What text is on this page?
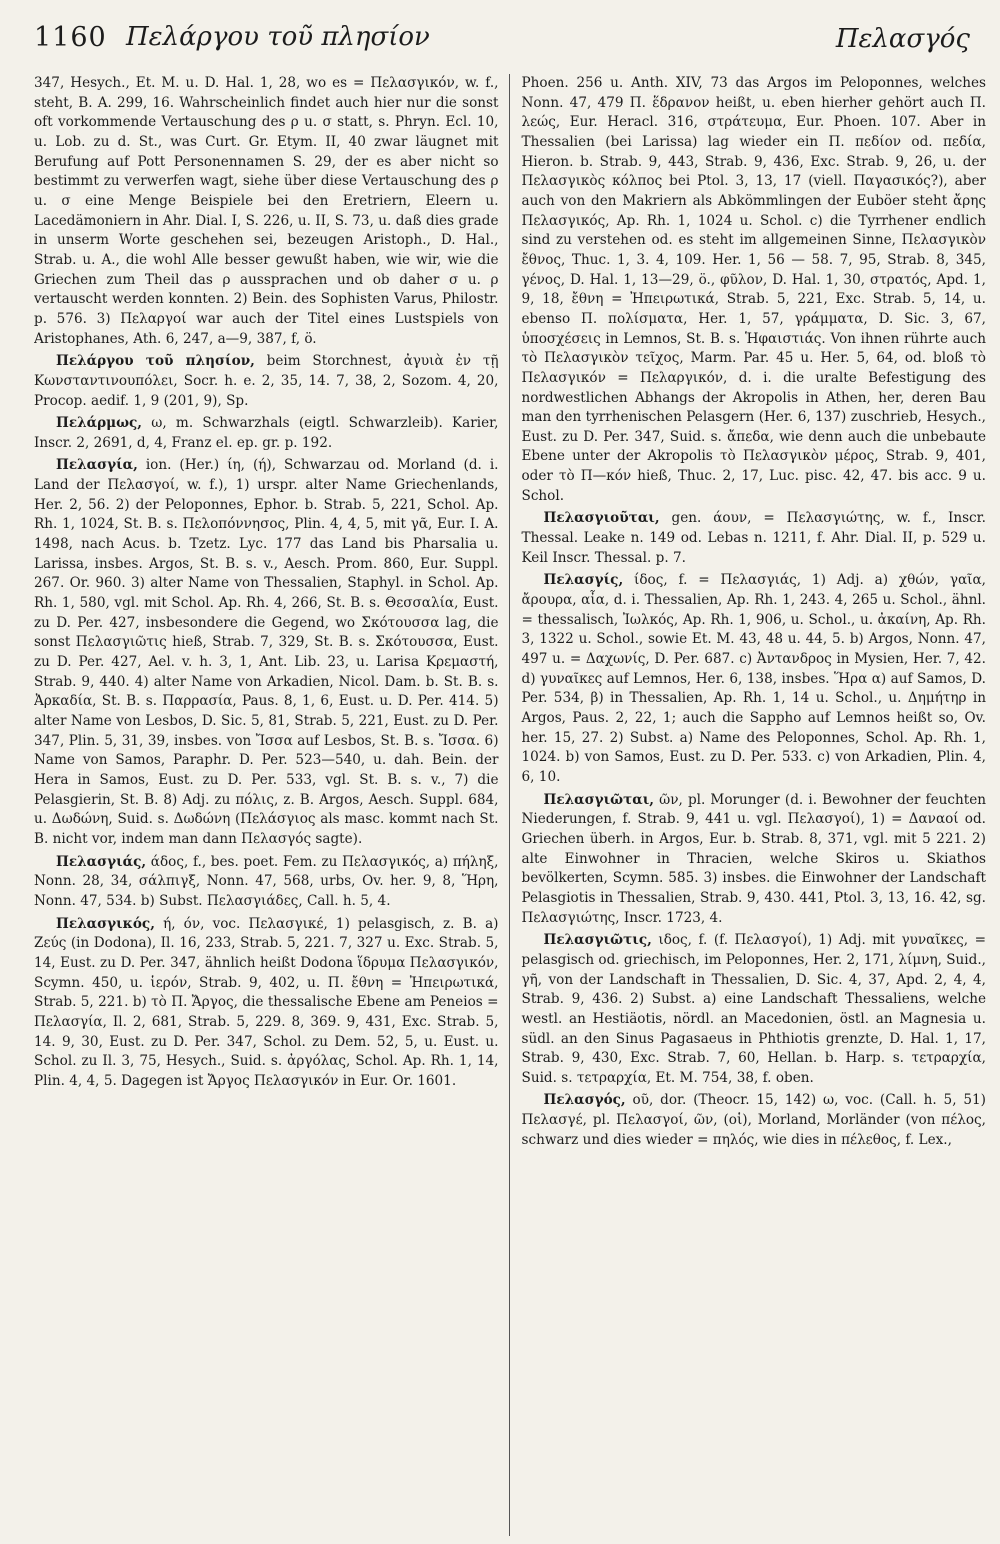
1160 Πελάργου τοῦ πλησίον	Πελασγός

347, Hesych., Et. M. u. D. Hal. 1, 28, wo es = Πελασγικόν, w. f., steht, B. A. 299, 16. Wahrscheinlich findet auch hier nur die sonst oft vorkommende Vertauschung des ρ u. σ statt, s. Phryn. Ecl. 10, u. Lob. zu d. St., was Curt. Gr. Etym. II, 40 zwar läugnet mit Berufung auf Pott Personennamen S. 29, der es aber nicht so bestimmt zu verwerfen wagt, siehe über diese Vertauschung des ρ u. σ eine Menge Beispiele bei den Eretriern, Eleern u. Lacedämoniern in Ahr. Dial. I, S. 226, u. II, S. 73, u. daß dies grade in unserm Worte geschehen sei, bezeugen Aristoph., D. Hal., Strab. u. A., die wohl Alle besser gewußt haben, wie wir, wie die Griechen zum Theil das ρ aussprachen und ob daher σ u. ρ vertauscht werden konnten. 2) Bein. des Sophisten Varus, Philostr. p. 576. 3) Πελαργοί war auch der Titel eines Lustspiels von Aristophanes, Ath. 6, 247, a—9, 387, f, ö.

Πελάργου τοῦ πλησίον, beim Storchnest, ἀγυιὰ ἐν τῇ Κωνσταντινουπόλει, Socr. h. e. 2, 35, 14. 7, 38, 2, Sozom. 4, 20, Procop. aedif. 1, 9 (201, 9), Sp.

Πελάρμως, ω, m. Schwarzhals (eigtl. Schwarzleib). Karier, Inscr. 2, 2691, d, 4, Franz el. ep. gr. p. 192.

Πελασγία, ion. (Her.) ίη, (ή), Schwarzau od. Morland (d. i. Land der Πελασγοί, w. f.), 1) urspr. alter Name Griechenlands, Her. 2, 56. 2) der Peloponnes, Ephor. b. Strab. 5, 221, Schol. Ap. Rh. 1, 1024, St. B. s. Πελοπόννησος, Plin. 4, 4, 5, mit γᾶ, Eur. I. A. 1498, nach Acus. b. Tzetz. Lyc. 177 das Land bis Pharsalia u. Larissa, insbes. Argos, St. B. s. v., Aesch. Prom. 860, Eur. Suppl. 267. Or. 960. 3) alter Name von Thessalien, Staphyl. in Schol. Ap. Rh. 1, 580, vgl. mit Schol. Ap. Rh. 4, 266, St. B. s. Θεσσαλία, Eust. zu D. Per. 427, insbesondere die Gegend, wo Σκότουσσα lag, die sonst Πελασγιῶτις hieß, Strab. 7, 329, St. B. s. Σκότουσσα, Eust. zu D. Per. 427, Ael. v. h. 3, 1, Ant. Lib. 23, u. Larisa Κρεμαστή, Strab. 9, 440. 4) alter Name von Arkadien, Nicol. Dam. b. St. B. s. Ἀρκαδία, St. B. s. Παρρασία, Paus. 8, 1, 6, Eust. u. D. Per. 414. 5) alter Name von Lesbos, D. Sic. 5, 81, Strab. 5, 221, Eust. zu D. Per. 347, Plin. 5, 31, 39, insbes. von Ἴσσα auf Lesbos, St. B. s. Ἴσσα. 6) Name von Samos, Paraphr. D. Per. 523—540, u. dah. Bein. der Hera in Samos, Eust. zu D. Per. 533, vgl. St. B. s. v., 7) die Pelasgierin, St. B. 8) Adj. zu πόλις, z. B. Argos, Aesch. Suppl. 684, u. Δωδώνη, Suid. s. Δωδώνη (Πελάσγιος als masc. kommt nach St. B. nicht vor, indem man dann Πελασγός sagte).

Πελασγιάς, άδος, f., bes. poet. Fem. zu Πελασγικός, a) πήληξ, Nonn. 28, 34, σάλπιγξ, Nonn. 47, 568, urbs, Ov. her. 9, 8, Ἥρη, Nonn. 47, 534. b) Subst. Πελασγιάδες, Call. h. 5, 4.

Πελασγικός, ή, όν, voc. Πελασγικέ, 1) pelasgisch, z. B. a) Ζεύς (in Dodona), Il. 16, 233, Strab. 5, 221. 7, 327 u. Exc. Strab. 5, 14, Eust. zu D. Per. 347, ähnlich heißt Dodona ἵδρυμα Πελασγικόν, Scymn. 450, u. ἱερόν, Strab. 9, 402, u. Π. ἔθνη = Ἠπειρωτικά, Strab. 5, 221. b) τὸ Π. Ἄργος, die thessalische Ebene am Peneios = Πελασγία, Il. 2, 681, Strab. 5, 229. 8, 369. 9, 431, Exc. Strab. 5, 14. 9, 30, Eust. zu D. Per. 347, Schol. zu Dem. 52, 5, u. Eust. u. Schol. zu Il. 3, 75, Hesych., Suid. s. ἀργόλας, Schol. Ap. Rh. 1, 14, Plin. 4, 4, 5. Dagegen ist Ἄργος Πελασγικόν in Eur. Or. 1601.

Phoen. 256 u. Anth. XIV, 73 das Argos im Peloponnes, welches Nonn. 47, 479 Π. ἕδρανον heißt, u. eben hierher gehört auch Π. λεώς, Eur. Heracl. 316, στράτευμα, Eur. Phoen. 107. Aber in Thessalien (bei Larissa) lag wieder ein Π. πεδίον od. πεδία, Hieron. b. Strab. 9, 443, Strab. 9, 436, Exc. Strab. 9, 26, u. der Πελασγικὸς κόλπος bei Ptol. 3, 13, 17 (viell. Παγασικός?), aber auch von den Makriern als Abkömmlingen der Euböer steht ἄρης Πελασγικός, Ap. Rh. 1, 1024 u. Schol. c) die Tyrrhener endlich sind zu verstehen od. es steht im allgemeinen Sinne, Πελασγικὸν ἔθνος, Thuc. 1, 3. 4, 109. Her. 1, 56 — 58. 7, 95, Strab. 8, 345, γένος, D. Hal. 1, 13—29, ö., φῦλον, D. Hal. 1, 30, στρατός, Apd. 1, 9, 18, ἔθνη = Ἠπειρωτικά, Strab. 5, 221, Exc. Strab. 5, 14, u. ebenso Π. πολίσματα, Her. 1, 57, γράμματα, D. Sic. 3, 67, ὑποσχέσεις in Lemnos, St. B. s. Ἡφαιστιάς. Von ihnen rührte auch τὸ Πελασγικὸν τεῖχος, Marm. Par. 45 u. Her. 5, 64, od. bloß τὸ Πελασγικόν = Πελαργικόν, d. i. die uralte Befestigung des nordwestlichen Abhangs der Akropolis in Athen, her, deren Bau man den tyrrhenischen Pelasgern (Her. 6, 137) zuschrieb, Hesych., Eust. zu D. Per. 347, Suid. s. ἄπεδα, wie denn auch die unbebaute Ebene unter der Akropolis τὸ Πελασγικὸν μέρος, Strab. 9, 401, oder τὸ Π—κόν hieß, Thuc. 2, 17, Luc. pisc. 42, 47. bis acc. 9 u. Schol.

Πελασγιοῦται, gen. άουν, = Πελασγιώτης, w. f., Inscr. Thessal. Leake n. 149 od. Lebas n. 1211, f. Ahr. Dial. II, p. 529 u. Keil Inscr. Thessal. p. 7.

Πελασγίς, ίδος, f. = Πελασγιάς, 1) Adj. a) χθών, γαῖα, ἄρουρα, αἶα, d. i. Thessalien, Ap. Rh. 1, 243. 4, 265 u. Schol., ähnl. = thessalisch, Ἰωλκός, Ap. Rh. 1, 906, u. Schol., u. ἀκαίνη, Ap. Rh. 3, 1322 u. Schol., sowie Et. M. 43, 48 u. 44, 5. b) Argos, Nonn. 47, 497 u. = Δαχωνίς, D. Per. 687. c) Ἀντανδρος in Mysien, Her. 7, 42. d) γυναῖκες auf Lemnos, Her. 6, 138, insbes. Ἥρα α) auf Samos, D. Per. 534, β) in Thessalien, Ap. Rh. 1, 14 u. Schol., u. Δημήτηρ in Argos, Paus. 2, 22, 1; auch die Sappho auf Lemnos heißt so, Ov. her. 15, 27. 2) Subst. a) Name des Peloponnes, Schol. Ap. Rh. 1, 1024. b) von Samos, Eust. zu D. Per. 533. c) von Arkadien, Plin. 4, 6, 10.

Πελασγιῶται, ῶν, pl. Morunger (d. i. Bewohner der feuchten Niederungen, f. Strab. 9, 441 u. vgl. Πελασγοί), 1) = Δαναοί od. Griechen überh. in Argos, Eur. b. Strab. 8, 371, vgl. mit 5 221. 2) alte Einwohner in Thracien, welche Skiros u. Skiathos bevölkerten, Scymn. 585. 3) insbes. die Einwohner der Landschaft Pelasgiotis in Thessalien, Strab. 9, 430. 441, Ptol. 3, 13, 16. 42, sg. Πελασγιώτης, Inscr. 1723, 4.

Πελασγιῶτις, ιδος, f. (f. Πελασγοί), 1) Adj. mit γυναῖκες, = pelasgisch od. griechisch, im Peloponnes, Her. 2, 171, λίμνη, Suid., γῆ, von der Landschaft in Thessalien, D. Sic. 4, 37, Apd. 2, 4, 4, Strab. 9, 436. 2) Subst. a) eine Landschaft Thessaliens, welche westl. an Hestiäotis, nördl. an Macedonien, östl. an Magnesia u. südl. an den Sinus Pagasaeus in Phthiotis grenzte, D. Hal. 1, 17, Strab. 9, 430, Exc. Strab. 7, 60, Hellan. b. Harp. s. τετραρχία, Suid. s. τετραρχία, Et. M. 754, 38, f. oben.

Πελασγός, οῦ, dor. (Theocr. 15, 142) ω, voc. (Call. h. 5, 51) Πελασγέ, pl. Πελασγοί, ῶν, (οἱ), Morland, Morländer (von πέλος, schwarz und dies wieder = πηλός, wie dies in πέλεθος, f. Lex.,
